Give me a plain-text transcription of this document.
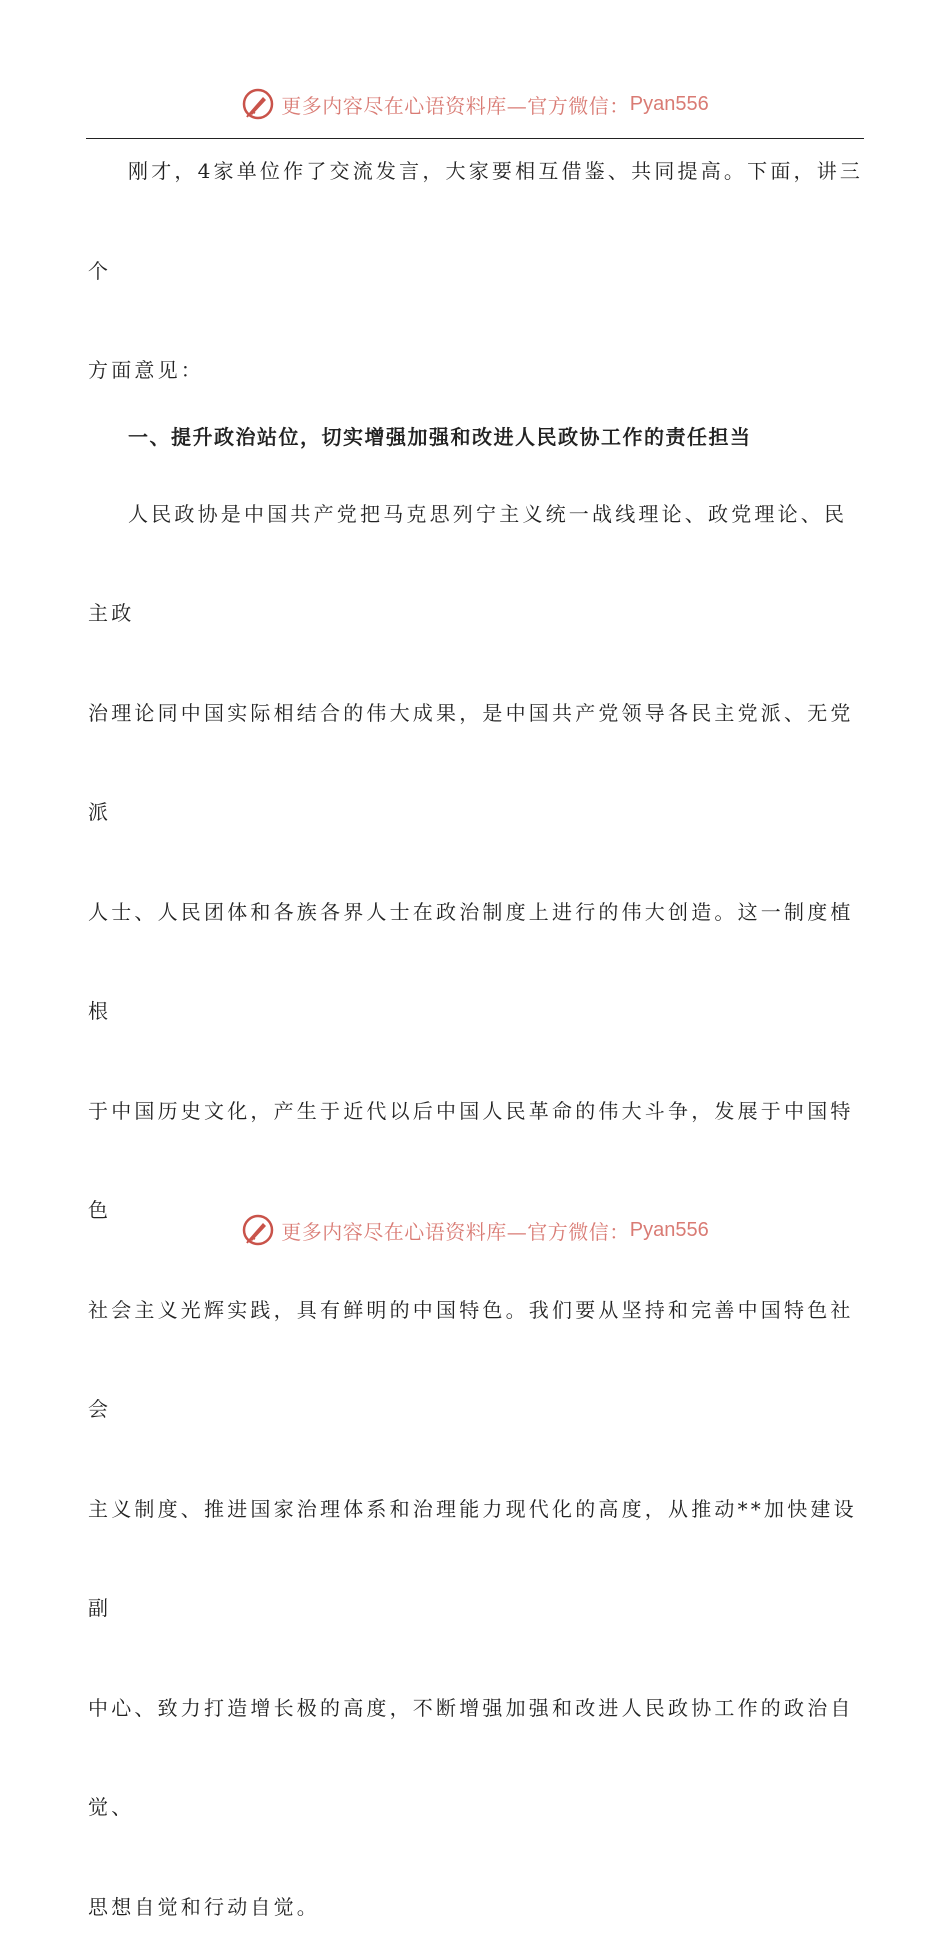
更多内容尽在心语资料库—官方微信： Pyan556

刚才，4家单位作了交流发言，大家要相互借鉴、共同提高。下面，讲三个

方面意见：

一、提升政治站位，切实增强加强和改进人民政协工作的责任担当

人民政协是中国共产党把马克思列宁主义统一战线理论、政党理论、民主政

治理论同中国实际相结合的伟大成果，是中国共产党领导各民主党派、无党派

人士、人民团体和各族各界人士在政治制度上进行的伟大创造。这一制度植根

于中国历史文化，产生于近代以后中国人民革命的伟大斗争，发展于中国特色

社会主义光辉实践，具有鲜明的中国特色。我们要从坚持和完善中国特色社会

主义制度、推进国家治理体系和治理能力现代化的高度，从推动**加快建设副

中心、致力打造增长极的高度，不断增强加强和改进人民政协工作的政治自觉、

思想自觉和行动自觉。

更多内容尽在心语资料库—官方微信： Pyan556
